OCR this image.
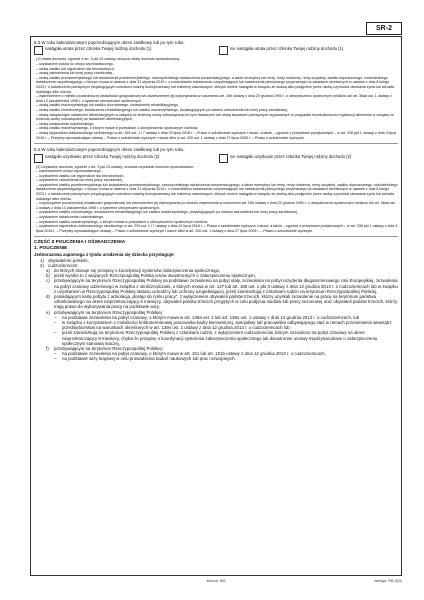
SR-2
5.3 W roku kalendarzowym poprzedzającym okres zasiłkowy lub po tym roku:
nastąpiła utrata przez członka Twojej rodziny dochodu (1)	nie nastąpiła utrata przez członka Twojej rodziny dochodu (1)
(1) Utrata dochodu, zgodnie z art. 3 pkt 23 ustawy oznacza utratę dochodu spowodowaną:
– uzyskaniem prawa do urlopu wychowawczego,
– utratą zasiłku lub stypendium dla bezrobotnych,
– utratą zatrudnienia lub innej pracy zarobkowej,
– utratą zasiłku przedemerytalnego lub świadczenia przedemerytalnego, nauczycielskiego świadczenia kompensacyjnego, a także emerytury lub renty, renty rodzinnej, renty socjalnej, zasiłku doproszonego, rodzicielskiego świadczenia uzupełniającego, o którym mowa w ustawie z dnia 31 stycznia 2019 r. o rodzicielskim świadczeniu uzupełniającym lub świadczenia pieniężnego przyznanego na zasadach określonych w ustawie z dnia 8 lutego 2023 r. o świadczeniu pieniężnym przysługującym członkom rodziny funkcjonariuszy lub żołnierzy zawodowych, których śmierć nastąpiła w związku ze służbą albo podjęciem przez osobę czynności ratowania życia lub zdrowia ludzkiego albo mienia,
– wykreśleniem z rejestru pozarolniczej działalności gospodarczej lub zawieszeniem jej wykonywania w rozumieniu art. 16b ustawy z dnia 20 grudnia 1990 r. o ubezpieczeniu społecznym rolników lub art. 36aa ust. 1 ustawy z dnia 13 października 1998 r. o systemie ubezpieczeń społecznych,
– utratą zasiłku macierzyńskiego lub zasiłku chorobowego, świadczenia rehabilitacyjnego,
– utratą zasiłku chorobowego, świadczenia rehabilitacyjnego lub zasiłku macierzyńskiego, przysługujących po ustaniu zatrudnienia lub innej pracy zarobkowej,
– utratą zasądzonych świadczeń alimentacyjnych w związku ze śmiercią osoby zobowiązanej do tych świadczeń lub utratą świadczeń pieniężnych wypłacanych w przypadku bezskuteczności egzekucji alimentów w związku ze śmiercią osoby zobowiązanej do świadczeń alimentacyjnych,
– utratą świadczenia rodzicielskiego,
– utratą zasiłku macierzyńskiego, o którym mowa w przepisach o ubezpieczeniu społecznym rolników,
– utratą stypendium doktoranckiego określonego w art. 209 ust. 1 i 7 ustawy z dnia 20 lipca 2018 r. – Prawo o szkolnictwie wyższym i nauce, a także – zgodnie z przepisami przejściowymi – w art. 336 pkt 1 ustawy z dnia 3 lipca 2018 r. – Przepisy wprowadzające ustawę – Prawo o szkolnictwie wyższym i nauce albo w art. 200 ust. 1 ustawy z dnia 27 lipca 2005 r. – Prawo o szkolnictwie wyższym.
5.4 W roku kalendarzowym poprzedzającym okres zasiłkowy lub po tym roku:
nastąpiło uzyskanie przez członka Twojej rodziny dochodu (2)	nie nastąpiło uzyskanie przez członka Twojej rodziny dochodu (2)
(2) Uzyskanie dochodu, zgodnie z art. 3 pkt 24 ustawy, oznacza uzyskanie dochodu spowodowane:
– zakończeniem urlopu wychowawczego,
– uzyskaniem zasiłku lub stypendium dla bezrobotnych,
– uzyskaniem zatrudnienia lub innej pracy zarobkowej,
– uzyskaniem zasiłku przedemerytalnego lub świadczenia przedemerytalnego, nauczycielskiego świadczenia kompensacyjnego, a także emerytury lub renty, renty rodzinnej, renty socjalnej, zasiłku doproszonego, rodzicielskiego świadczenia uzupełniającego, o którym mowa w ustawie z dnia 31 stycznia 2019 r. o rodzicielskim świadczeniu uzupełniającym lub świadczenia pieniężnego przyznanego na zasadach określonych w ustawie z dnia 8 lutego 2023 r. o świadczeniu pieniężnym przysługującym członkom rodziny funkcjonariuszy lub żołnierzy zawodowych, których śmierć nastąpiła w związku ze służbą albo podjęciem przez osobę czynności ratowania życia lub zdrowia ludzkiego albo mienia,
– rozpoczęciem pozarolniczej działalności gospodarczej lub wznowieniem jej wykonywania po okresie zawieszenia w rozumieniu art. 16b ustawy z dnia 20 grudnia 1990 r. o ubezpieczeniu społecznym rolników lub art. 36aa ust. 1 ustawy z dnia 13 października 1998 r. o systemie ubezpieczeń społecznych,
– uzyskaniem zasiłku chorobowego, świadczenia rehabilitacyjnego lub zasiłku macierzyńskiego, przysługujących po ustaniu zatrudnienia lub innej pracy zarobkowej,
– uzyskaniem świadczenia rodzicielskiego,
– uzyskaniem zasiłku macierzyńskiego, o którym mowa w przepisach o ubezpieczeniu społecznym rolników,
– uzyskaniem stypendium doktoranckiego określonego w art. 209 ust. 1 i 7 ustawy z dnia 20 lipca 2018 r. – Prawo o szkolnictwie wyższym i nauce, a także – zgodnie z przepisami przejściowymi – w art. 336 pkt 1 ustawy z dnia 3 lipca 2018 r. – Przepisy wprowadzające ustawę – Prawo o szkolnictwie wyższym i nauce albo w art. 200 ust. 1 ustawy z dnia 27 lipca 2005 r. – Prawo o szkolnictwie wyższym.
CZĘŚĆ II POUCZENIA I OŚWIADCZENIA
1. POUCZENIE
Jednorazowa zapomoga z tytułu urodzenia się dziecka przysługuje:
1) obywatelom polskim,
2) cudzoziemcom:
a) do których stosuje się przepisy o koordynacji systemów zabezpieczenia społecznego,
b) jeżeli wynika to z wiążących Rzeczpospolitą Polską umów dwustronnych o zabezpieczeniu społecznym,
c) przebywającym na terytorium Rzeczypospolitej Polskiej na podstawie zezwolenia na pobyt stały, zezwolenia na pobyt rezydenta długoterminowego Unii Europejskiej, zezwolenia na pobyt czasowy udzielonego w związku z okolicznościami, o których mowa w art. 127 lub art. 186 ust. 1 pkt 3 ustawy z dnia 12 grudnia 2013 r. o cudzoziemcach lub w związku z uzyskaniem w Rzeczypospolitej Polskiej statusu uchodźcy lub ochrony uzupełniającej, jeżeli zamieszkują z członkami rodzin na terytorium Rzeczypospolitej Polskiej,
d) posiadającym kartę pobytu z adnotacją „dostęp do rynku pracy”, z wyłączeniem obywateli państw trzecich, którzy uzyskali zezwolenie na pracę na terytorium państwa członkowskiego na okres nieprzekraczający 6 miesięcy, obywateli państw trzecich przyjętych w celu podjęcia studiów lub pracy sezonowej oraz obywateli państw trzecich, którzy mają prawo do wykonywania pracy na podstawie wizy,
e) przebywającym na terytorium Rzeczypospolitej Polskiej:
–	na podstawie zezwolenia na pobyt czasowy, o którym mowa w art. 139a ust. 1 lub art. 139o ust. 1 ustawy z dnia 12 grudnia 2013 r. o cudzoziemcach, lub
–	w związku z korzystaniem z mobilności krótkoterminowej pracownika kadry kierowniczej, specjalisty lub pracownika odbywającego staż w ramach przeniesienia wewnątrz przedsiębiorstwa na warunkach określonych w art. 139n ust. 1 ustawy z dnia 12 grudnia 2013 r. o cudzoziemcach lub
–	jeżeli zamieszkują na terytorium Rzeczypospolitej Polskiej z członkami rodzin, z wyłączeniem cudzoziemców, którym zezwolono na pobyt czasowy na okres nieprzekraczający 9 miesięcy, chyba że przepisy o koordynacji systemów zabezpieczenia społecznego lub dwustronne umowy międzynarodowe o zabezpieczeniu społecznym stanowią inaczej,
f)	przebywającym na terytorium Rzeczypospolitej Polskiej:
–	na podstawie zezwolenia na pobyt czasowy, o którym mowa w art. 151 lub art. 151b ustawy z dnia 12 grudnia 2013 r. o cudzoziemcach,
–	na podstawie wizy krajowej w celu prowadzenia badań naukowych lub prac rozwojowych,
strona: 5/6	wersja: SR-2(9)
